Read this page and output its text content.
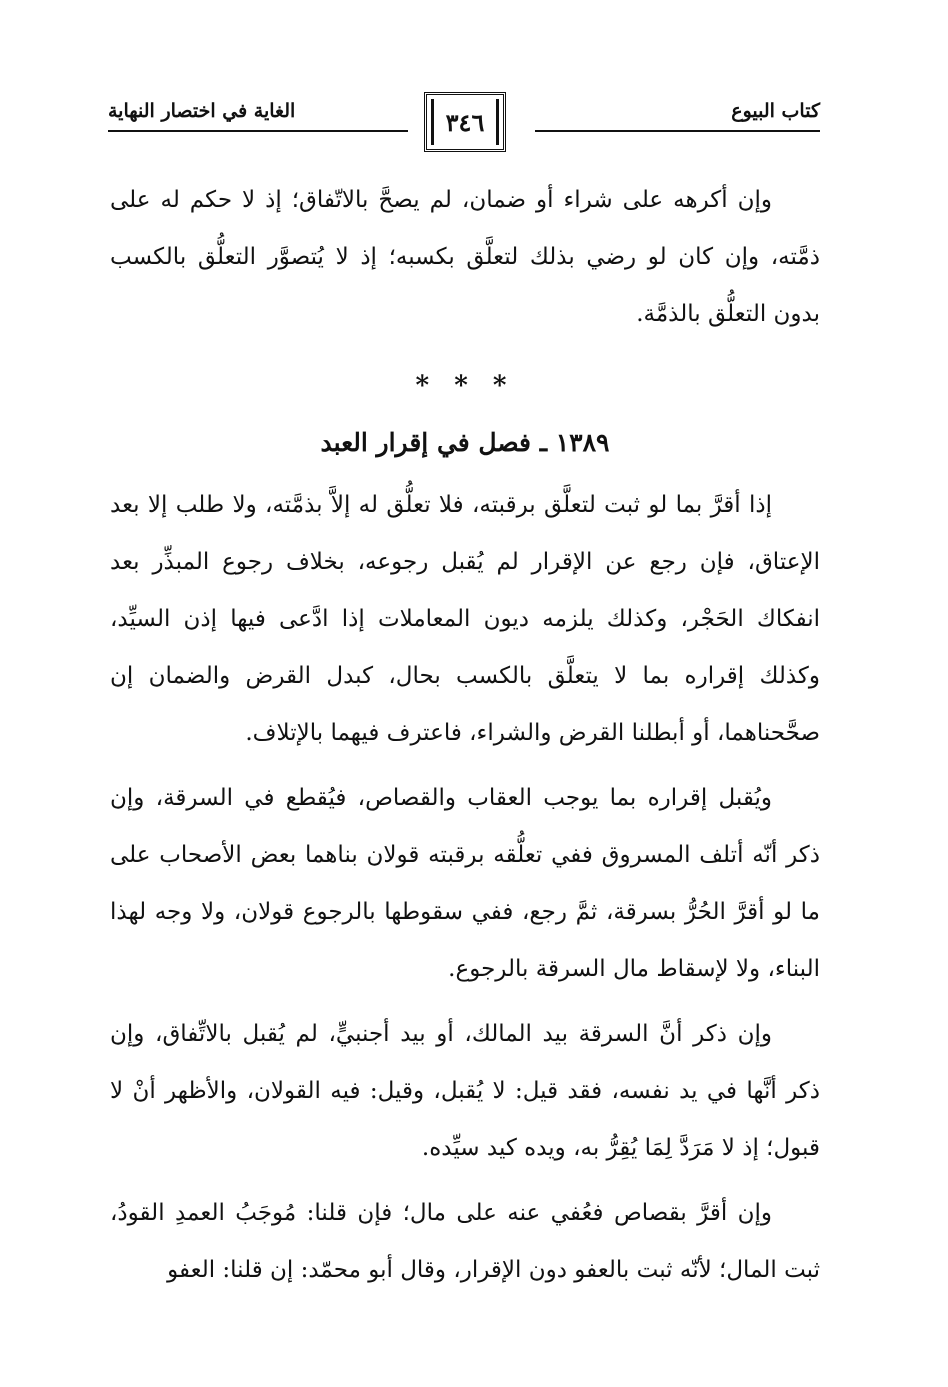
كتاب البيوع
٣٤٦
الغاية في اختصار النهاية

وإن أكرهه على شراء أو ضمان، لم يصحَّ بالاتّفاق؛ إذ لا حكم له على ذمَّته، وإن كان لو رضي بذلك لتعلَّق بكسبه؛ إذ لا يُتصوَّر التعلُّق بالكسب بدون التعلُّق بالذمَّة.

* * *
١٣٨٩ ـ فصل في إقرار العبد

إذا أقرَّ بما لو ثبت لتعلَّق برقبته، فلا تعلُّق له إلاَّ بذمَّته، ولا طلب إلا بعد الإعتاق، فإن رجع عن الإقرار لم يُقبل رجوعه، بخلاف رجوع المبذِّر بعد انفكاك الحَجْر، وكذلك يلزمه ديون المعاملات إذا ادَّعى فيها إذن السيِّد، وكذلك إقراره بما لا يتعلَّق بالكسب بحال، كبدل القرض والضمان إن صحَّحناهما، أو أبطلنا القرض والشراء، فاعترف فيهما بالإتلاف.

ويُقبل إقراره بما يوجب العقاب والقصاص، فيُقطع في السرقة، وإن ذكر أنّه أتلف المسروق ففي تعلُّقه برقبته قولان بناهما بعض الأصحاب على ما لو أقرَّ الحُرُّ بسرقة، ثمَّ رجع، ففي سقوطها بالرجوع قولان، ولا وجه لهذا البناء، ولا لإسقاط مال السرقة بالرجوع.

وإن ذكر أنَّ السرقة بيد المالك، أو بيد أجنبيٍّ، لم يُقبل بالاتِّفاق، وإن ذكر أنَّها في يد نفسه، فقد قيل: لا يُقبل، وقيل: فيه القولان، والأظهر أنْ لا قبول؛ إذ لا مَرَدَّ لِمَا يُقِرُّ به، ويده كيد سيِّده.

وإن أقرَّ بقصاص فعُفي عنه على مال؛ فإن قلنا: مُوجَبُ العمدِ القودُ، ثبت المال؛ لأنّه ثبت بالعفو دون الإقرار، وقال أبو محمّد: إن قلنا: العفو
